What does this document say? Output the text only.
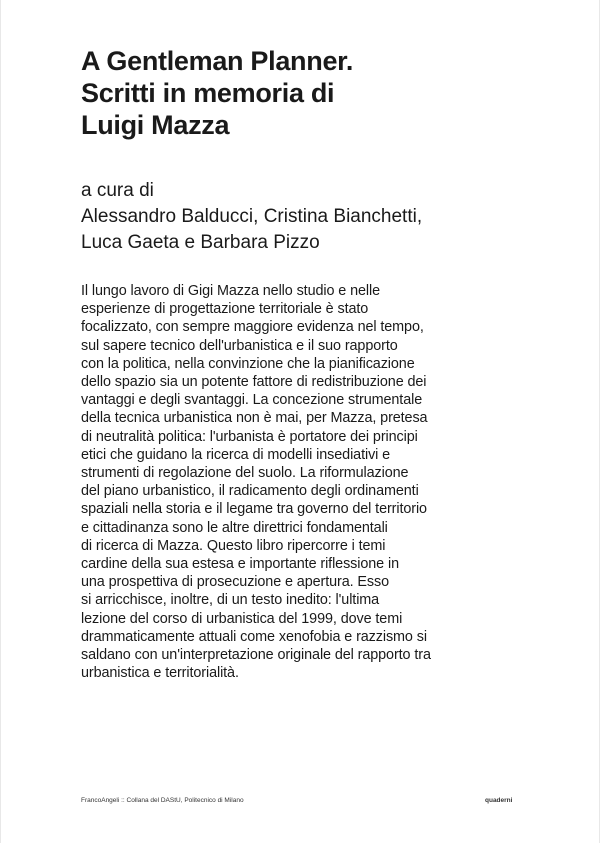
A Gentleman Planner.
Scritti in memoria di
Luigi Mazza
a cura di
Alessandro Balducci, Cristina Bianchetti,
Luca Gaeta e Barbara Pizzo
Il lungo lavoro di Gigi Mazza nello studio e nelle
esperienze di progettazione territoriale è stato
focalizzato, con sempre maggiore evidenza nel tempo,
sul sapere tecnico dell'urbanistica e il suo rapporto
con la politica, nella convinzione che la pianificazione
dello spazio sia un potente fattore di redistribuzione dei
vantaggi e degli svantaggi. La concezione strumentale
della tecnica urbanistica non è mai, per Mazza, pretesa
di neutralità politica: l'urbanista è portatore dei principi
etici che guidano la ricerca di modelli insediativi e
strumenti di regolazione del suolo. La riformulazione
del piano urbanistico, il radicamento degli ordinamenti
spaziali nella storia e il legame tra governo del territorio
e cittadinanza sono le altre direttrici fondamentali
di ricerca di Mazza. Questo libro ripercorre i temi
cardine della sua estesa e importante riflessione in
una prospettiva di prosecuzione e apertura. Esso
si arricchisce, inoltre, di un testo inedito: l'ultima
lezione del corso di urbanistica del 1999, dove temi
drammaticamente attuali come xenofobia e razzismo si
saldano con un'interpretazione originale del rapporto tra
urbanistica e territorialità.
FrancoAngeli :: Collana del DAStU, Politecnico di Milano	quaderni
